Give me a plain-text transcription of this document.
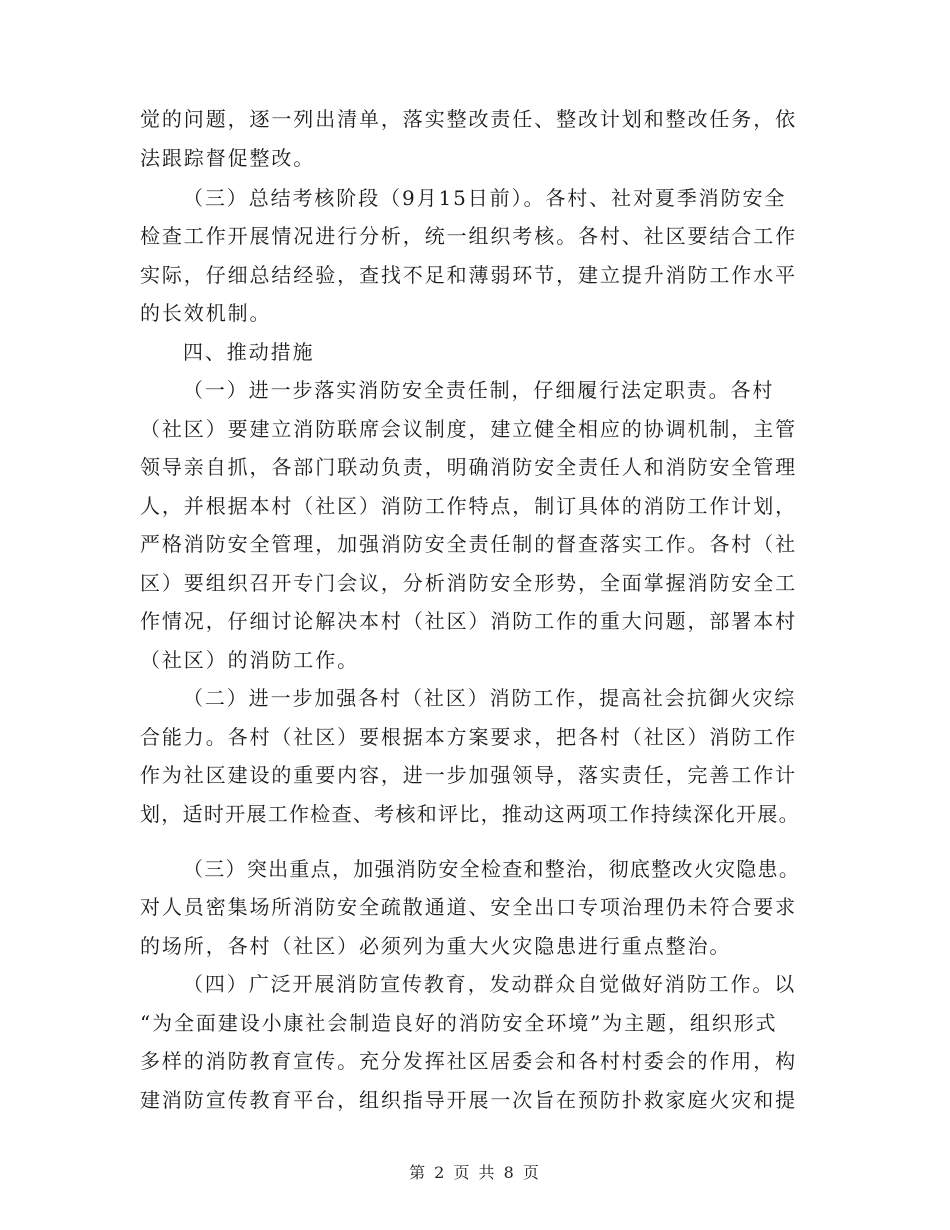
觉的问题，逐一列出清单，落实整改责任、整改计划和整改任务，依
法跟踪督促整改。
（三）总结考核阶段（9月15日前）。各村、社对夏季消防安全
检查工作开展情况进行分析，统一组织考核。各村、社区要结合工作
实际，仔细总结经验，查找不足和薄弱环节，建立提升消防工作水平
的长效机制。
四、推动措施
（一）进一步落实消防安全责任制，仔细履行法定职责。各村
（社区）要建立消防联席会议制度，建立健全相应的协调机制，主管
领导亲自抓，各部门联动负责，明确消防安全责任人和消防安全管理
人，并根据本村（社区）消防工作特点，制订具体的消防工作计划，
严格消防安全管理，加强消防安全责任制的督查落实工作。各村（社
区）要组织召开专门会议，分析消防安全形势，全面掌握消防安全工
作情况，仔细讨论解决本村（社区）消防工作的重大问题，部署本村
（社区）的消防工作。
（二）进一步加强各村（社区）消防工作，提高社会抗御火灾综
合能力。各村（社区）要根据本方案要求，把各村（社区）消防工作
作为社区建设的重要内容，进一步加强领导，落实责任，完善工作计
划，适时开展工作检查、考核和评比，推动这两项工作持续深化开展。
（三）突出重点，加强消防安全检查和整治，彻底整改火灾隐患。
对人员密集场所消防安全疏散通道、安全出口专项治理仍未符合要求
的场所，各村（社区）必须列为重大火灾隐患进行重点整治。
（四）广泛开展消防宣传教育，发动群众自觉做好消防工作。以
“为全面建设小康社会制造良好的消防安全环境”为主题，组织形式
多样的消防教育宣传。充分发挥社区居委会和各村村委会的作用，构
建消防宣传教育平台，组织指导开展一次旨在预防扑救家庭火灾和提
第 2 页 共 8 页
